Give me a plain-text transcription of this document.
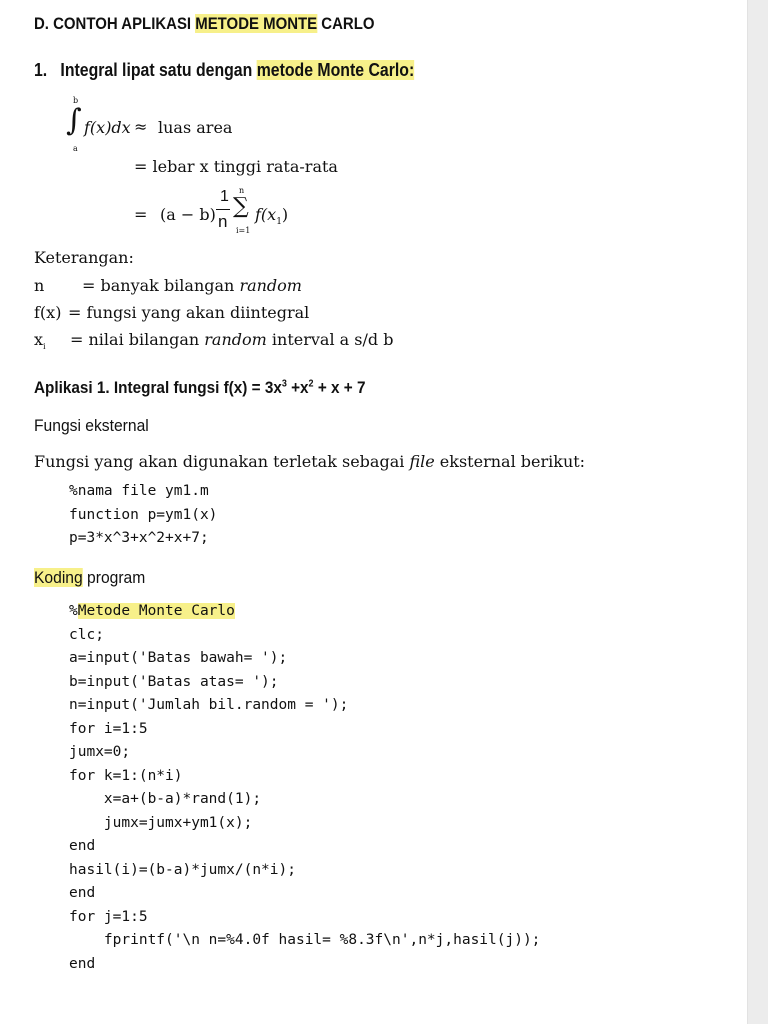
D. CONTOH APLIKASI METODE MONTE CARLO
1. Integral lipat satu dengan metode Monte Carlo:
b
∫
a
f(x)dx ≈ luas area
= lebar x tinggi rata-rata
= (a − b)
1
n
n
∑
i=1
$f(x_1)$
Keterangan:
n = banyak bilangan random
f(x) = fungsi yang akan diintegral
$x_i$ = nilai bilangan random interval a s/d b
Aplikasi 1. Integral fungsi $f(x) = 3x^3 +x^2 + x + 7$
Fungsi eksternal
Fungsi yang akan digunakan terletak sebagai file eksternal berikut:
%nama file ym1.m
function p=ym1(x)
p=3*x^3+x^2+x+7;
Koding program
%Metode Monte Carlo
clc;
a=input('Batas bawah= ');
b=input('Batas atas= ');
n=input('Jumlah bil.random = ');
for i=1:5
jumx=0;
for k=1:(n*i)
x=a+(b-a)*rand(1);
jumx=jumx+ym1(x);
end
hasil(i)=(b-a)*jumx/(n*i);
end
for j=1:5
fprintf('\n n=%4.0f hasil= %8.3f\n',n*j,hasil(j));
end
